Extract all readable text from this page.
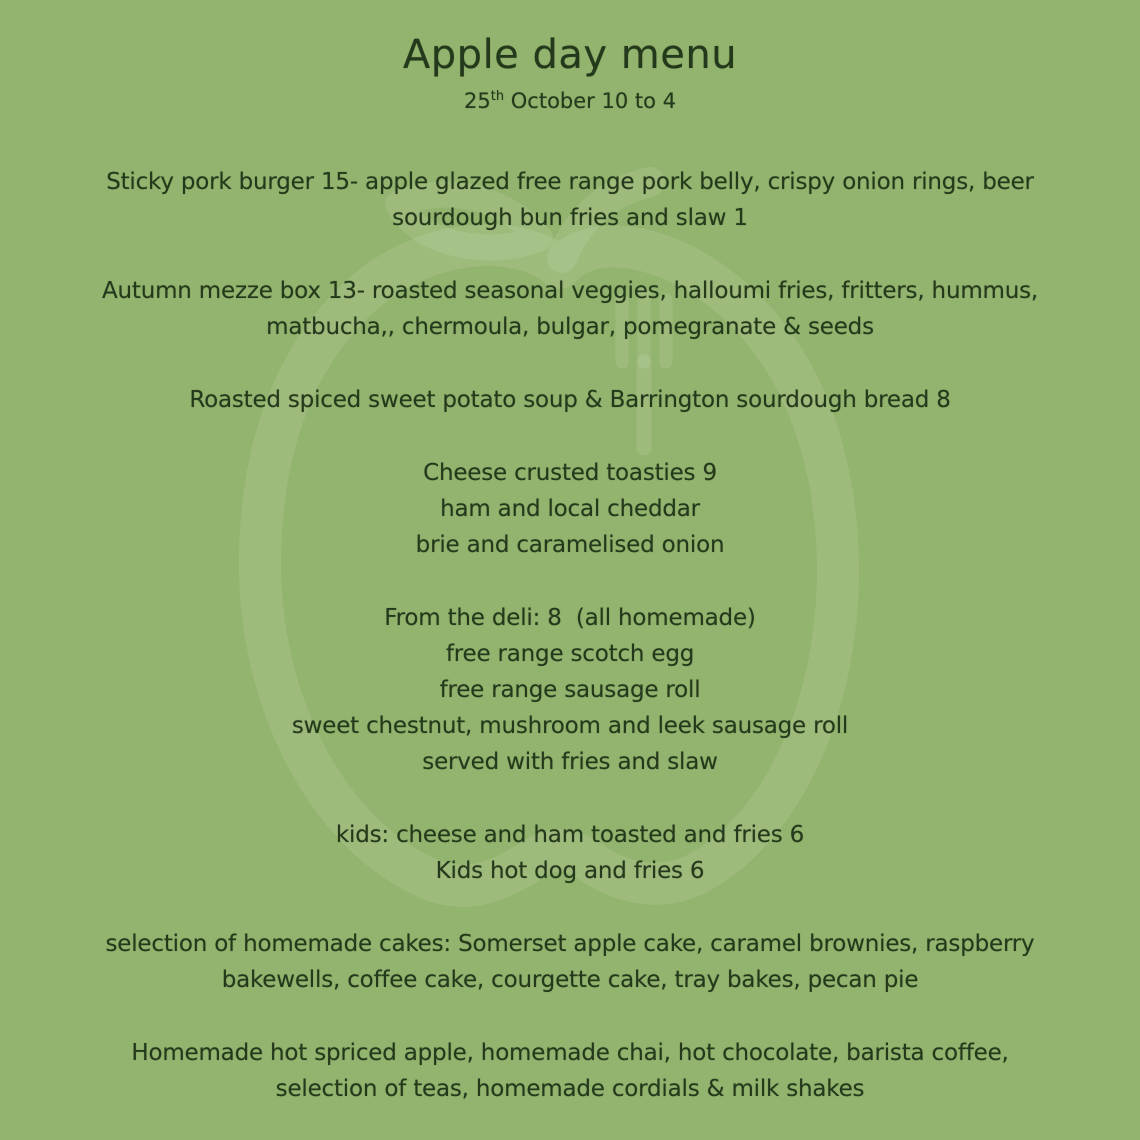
Apple day menu

25th October 10 to 4

Sticky pork burger 15- apple glazed free range pork belly, crispy onion rings, beer

sourdough bun fries and slaw 1

Autumn mezze box 13- roasted seasonal veggies, halloumi fries, fritters, hummus,

matbucha,, chermoula, bulgar, pomegranate & seeds

Roasted spiced sweet potato soup & Barrington sourdough bread 8

Cheese crusted toasties 9

ham and local cheddar

brie and caramelised onion

From the deli: 8  (all homemade)

free range scotch egg

free range sausage roll

sweet chestnut, mushroom and leek sausage roll

served with fries and slaw

kids: cheese and ham toasted and fries 6

Kids hot dog and fries 6

selection of homemade cakes: Somerset apple cake, caramel brownies, raspberry

bakewells, coffee cake, courgette cake, tray bakes, pecan pie

Homemade hot spriced apple, homemade chai, hot chocolate, barista coffee,

selection of teas, homemade cordials & milk shakes
